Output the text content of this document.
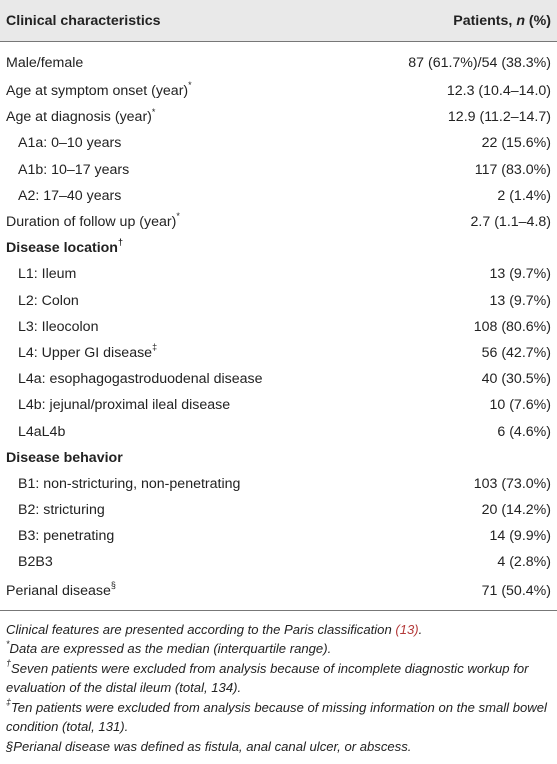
Clinical characteristics	Patients, n (%)
Male/female	87 (61.7%)/54 (38.3%)
Age at symptom onset (year)*	12.3 (10.4–14.0)
Age at diagnosis (year)*	12.9 (11.2–14.7)
A1a: 0–10 years	22 (15.6%)
A1b: 10–17 years	117 (83.0%)
A2: 17–40 years	2 (1.4%)
Duration of follow up (year)*	2.7 (1.1–4.8)
Disease location†	
L1: Ileum	13 (9.7%)
L2: Colon	13 (9.7%)
L3: Ileocolon	108 (80.6%)
L4: Upper GI disease‡	56 (42.7%)
L4a: esophagogastroduodenal disease	40 (30.5%)
L4b: jejunal/proximal ileal disease	10 (7.6%)
L4aL4b	6 (4.6%)
Disease behavior	
B1: non-stricturing, non-penetrating	103 (73.0%)
B2: stricturing	20 (14.2%)
B3: penetrating	14 (9.9%)
B2B3	4 (2.8%)
Perianal disease§	71 (50.4%)

Clinical features are presented according to the Paris classification (13).

*Data are expressed as the median (interquartile range).

†Seven patients were excluded from analysis because of incomplete diagnostic workup for evaluation of the distal ileum (total, 134).

‡Ten patients were excluded from analysis because of missing information on the small bowel condition (total, 131).

§Perianal disease was defined as fistula, anal canal ulcer, or abscess.
